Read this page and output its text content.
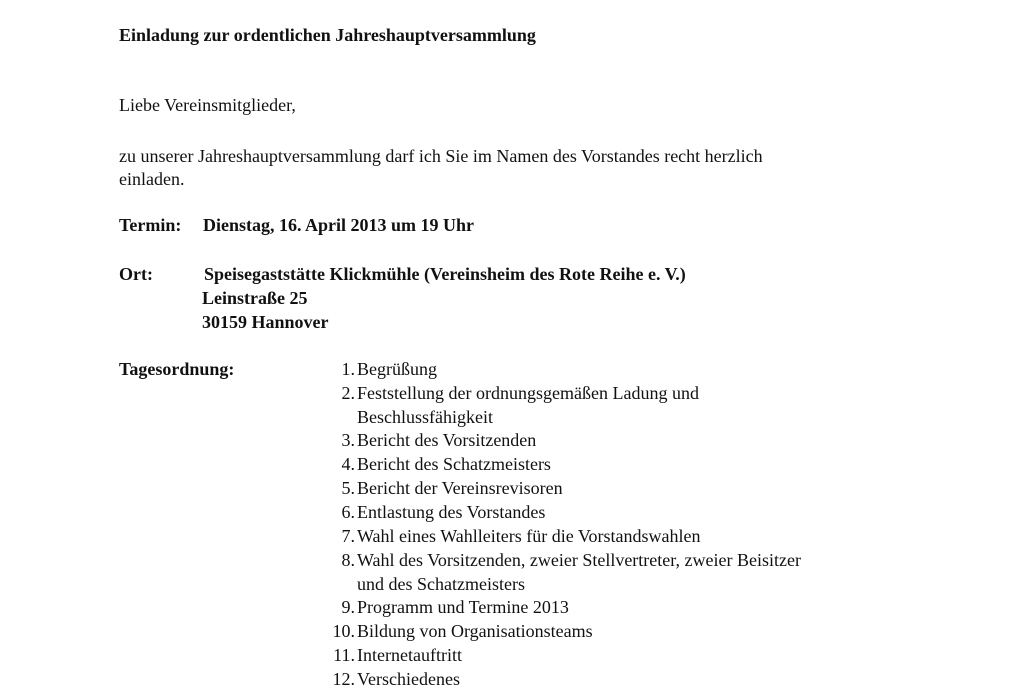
Einladung zur ordentlichen Jahreshauptversammlung
Liebe Vereinsmitglieder,
zu unserer Jahreshauptversammlung darf ich Sie im Namen des Vorstandes recht herzlich
einladen.
Termin: Dienstag, 16. April 2013 um 19 Uhr
Ort:	Speisegaststätte Klickmühle (Vereinsheim des Rote Reihe e. V.)
Leinstraße 25
30159 Hannover
Tagesordnung:	1. Begrüßung
2. Feststellung der ordnungsgemäßen Ladung und
Beschlussfähigkeit
3. Bericht des Vorsitzenden
4. Bericht des Schatzmeisters
5. Bericht der Vereinsrevisoren
6. Entlastung des Vorstandes
7. Wahl eines Wahlleiters für die Vorstandswahlen
8. Wahl des Vorsitzenden, zweier Stellvertreter, zweier Beisitzer
und des Schatzmeisters
9. Programm und Termine 2013
10. Bildung von Organisationsteams
11. Internetauftritt
12. Verschiedenes
